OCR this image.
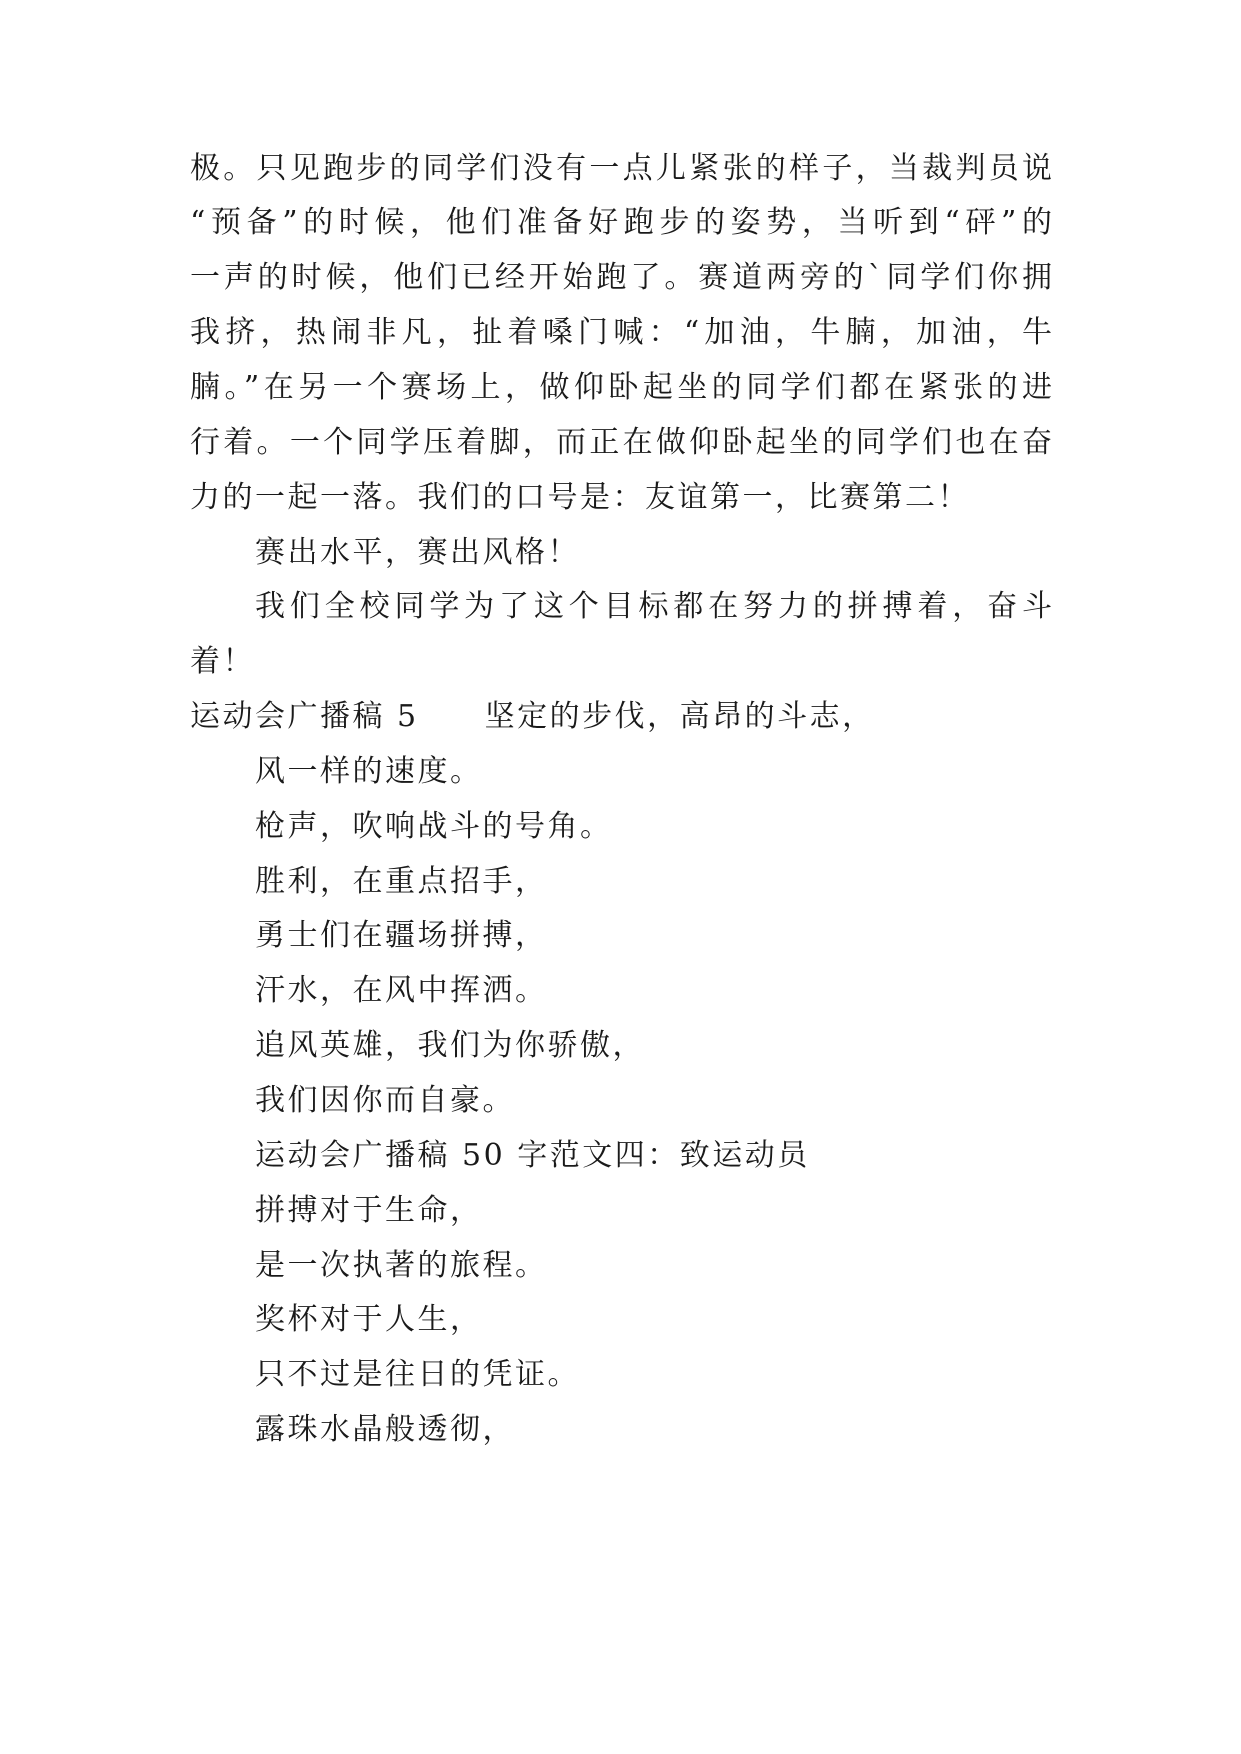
极。只见跑步的同学们没有一点儿紧张的样子，当裁判员说
“预备”的时候，他们准备好跑步的姿势，当听到“砰”的
一声的时候，他们已经开始跑了。赛道两旁的`同学们你拥
我挤，热闹非凡，扯着嗓门喊：“加油，牛腩，加油，牛
腩。”在另一个赛场上，做仰卧起坐的同学们都在紧张的进
行着。一个同学压着脚，而正在做仰卧起坐的同学们也在奋
力的一起一落。我们的口号是：友谊第一，比赛第二！
赛出水平，赛出风格！
我们全校同学为了这个目标都在努力的拼搏着，奋斗
着！
运动会广播稿 5 坚定的步伐，高昂的斗志，
风一样的速度。
枪声，吹响战斗的号角。
胜利，在重点招手，
勇士们在疆场拼搏，
汗水，在风中挥洒。
追风英雄，我们为你骄傲，
我们因你而自豪。
运动会广播稿 50 字范文四：致运动员
拼搏对于生命，
是一次执著的旅程。
奖杯对于人生，
只不过是往日的凭证。
露珠水晶般透彻，
